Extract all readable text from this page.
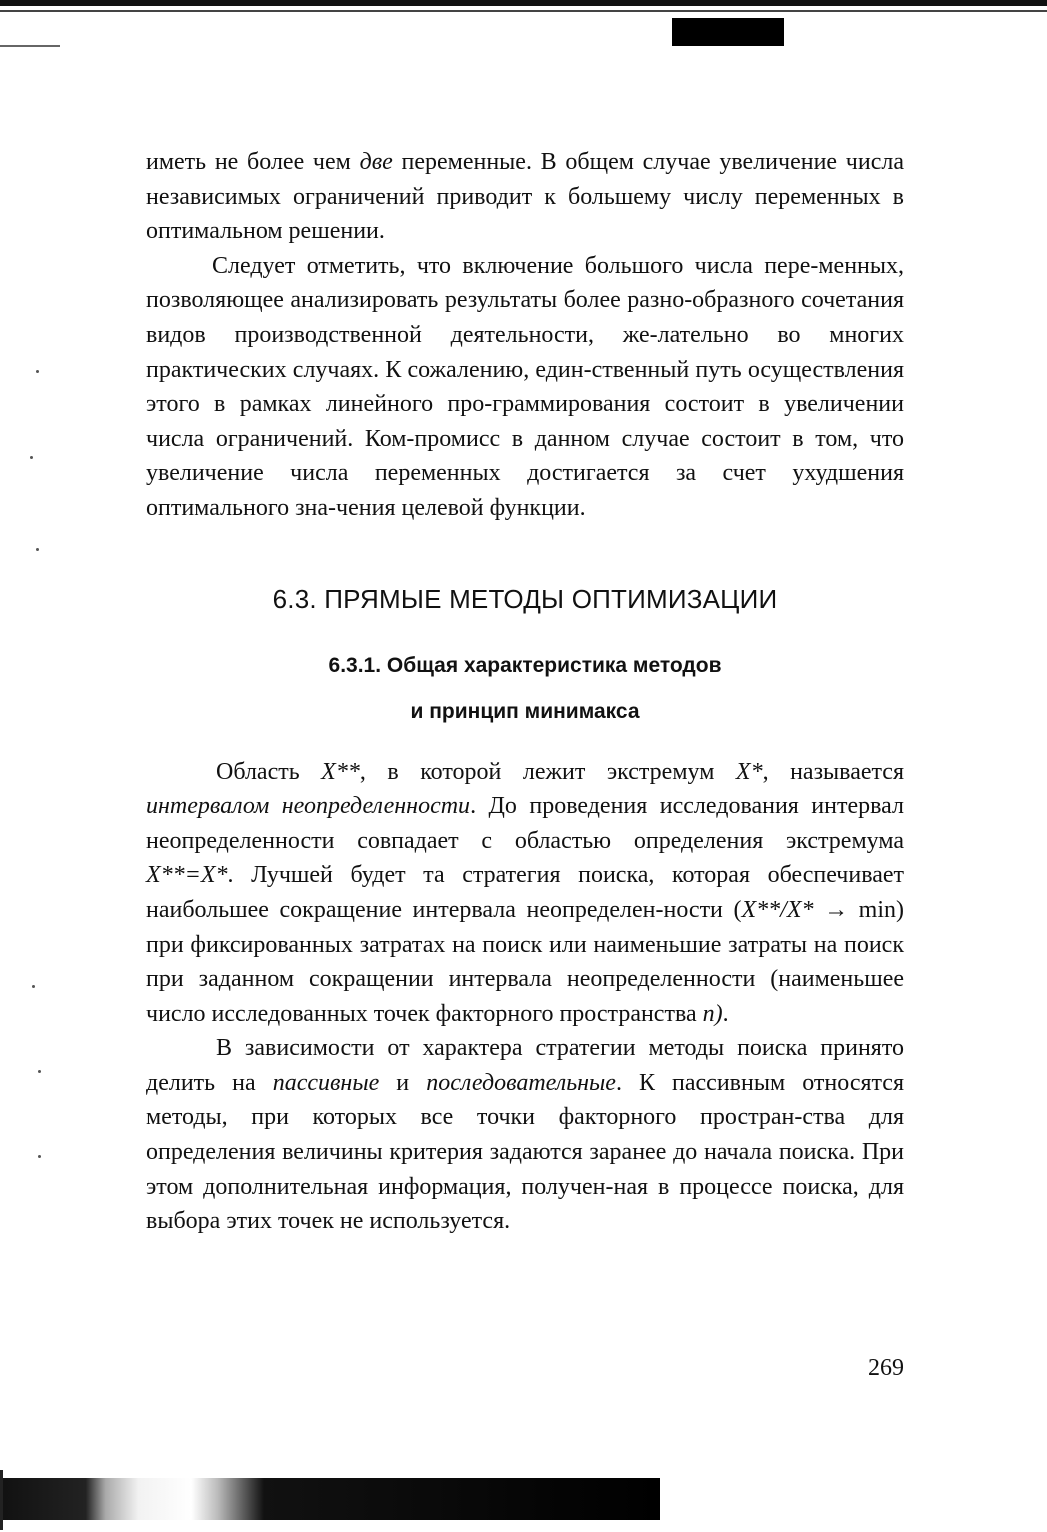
иметь не более чем две переменные. В общем случае увеличение числа независимых ограничений приводит к большему числу переменных в оптимальном решении.

Следует отметить, что включение большого числа пере-менных, позволяющее анализировать результаты более разно-образного сочетания видов производственной деятельности, же-лательно во многих практических случаях. К сожалению, един-ственный путь осуществления этого в рамках линейного про-граммирования состоит в увеличении числа ограничений. Ком-промисс в данном случае состоит в том, что увеличение числа переменных достигается за счет ухудшения оптимального зна-чения целевой функции.

6.3. ПРЯМЫЕ МЕТОДЫ ОПТИМИЗАЦИИ
6.3.1. Общая характеристика методов
и принцип минимакса

Область X**, в которой лежит экстремум X*, называется интервалом неопределенности. До проведения исследования интервал неопределенности совпадает с областью определения экстремума X**=X*. Лучшей будет та стратегия поиска, которая обеспечивает наибольшее сокращение интервала неопределен-ности (X**/X* → min) при фиксированных затратах на поиск или наименьшие затраты на поиск при заданном сокращении интервала неопределенности (наименьшее число исследованных точек факторного пространства n).

В зависимости от характера стратегии методы поиска принято делить на пассивные и последовательные. К пассивным относятся методы, при которых все точки факторного простран-ства для определения величины критерия задаются заранее до начала поиска. При этом дополнительная информация, получен-ная в процессе поиска, для выбора этих точек не используется.

269
